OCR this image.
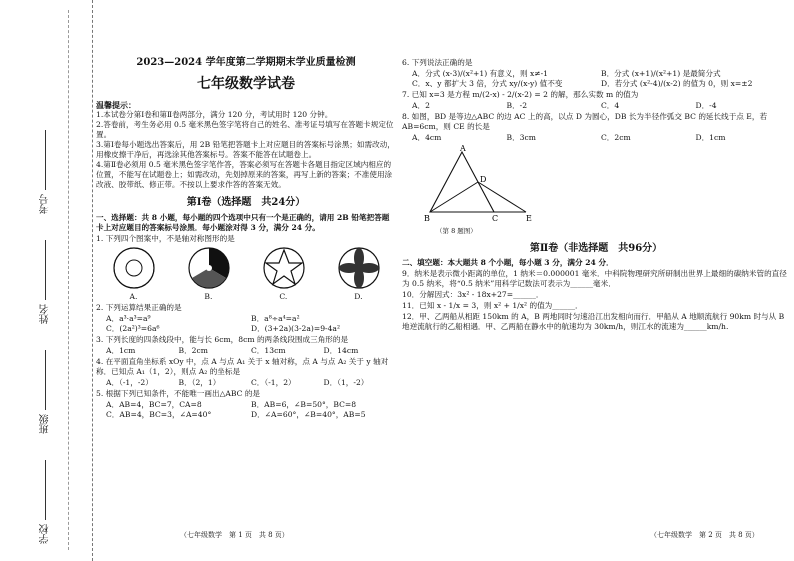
考号
姓名
班级
学校
2023—2024 学年度第二学期期末学业质量检测
七年级数学试卷
温馨提示：

1.本试卷分第Ⅰ卷和第Ⅱ卷两部分，满分 120 分，考试用时 120 分钟。

2.答卷前，考生务必用 0.5 毫米黑色签字笔将自己的姓名、准考证号填写在答题卡规定位置。

3.第Ⅰ卷每小题选出答案后，用 2B 铅笔把答题卡上对应题目的答案标号涂黑；如需改动，用橡皮擦干净后，再选涂其他答案标号。答案不能答在试题卷上。

4.第Ⅱ卷必须用 0.5 毫米黑色签字笔作答，答案必须写在答题卡各题目指定区域内相应的位置，不能写在试题卷上；如需改动，先划掉原来的答案，再写上新的答案；不准使用涂改液、胶带纸、修正带。不按以上要求作答的答案无效。

第Ⅰ卷（选择题　共24分）
一、选择题：共 8 小题，每小题的四个选项中只有一个是正确的，请用 2B 铅笔把答题卡上对应题目的答案标号涂黑．每小题涂对得 3 分，满分 24 分。
1. 下列四个图案中，不是轴对称图形的是
A.	B.	C.	D.
2. 下列运算结果正确的是
A．a³·a³=a⁹	B．a⁸÷a⁴=a²
C．(2a²)³=6a⁶	D．(3+2a)(3-2a)=9-4a²
3. 下列长度的四条线段中，能与长 6cm，8cm 的两条线段围成三角形的是
A．1cm	B．2cm	C．13cm	D．14cm
4. 在平面直角坐标系 xOy 中，点 A 与点 A₁ 关于 x 轴对称，点 A 与点 A₂ 关于 y 轴对称．已知点 A₁（1，2），则点 A₂ 的坐标是
A．（-1，-2）	B．（2，1）	C．（-1，2）	D．（1，-2）
5. 根据下列已知条件，不能唯一画出△ABC 的是
A．AB=4，BC=7，CA=8	B．AB=6，∠B=50°，BC=8
C．AB=4，BC=3，∠A=40°	D．∠A=60°，∠B=40°，AB=5
6. 下列说法正确的是
A．分式 (x-3)/(x²+1) 有意义，则 x≠-1	B．分式 (x+1)/(x²+1) 是最简分式
C．x、y 都扩大 3 倍，分式 xy/(x-y) 值不变	D．若分式 (x²-4)/(x-2) 的值为 0，则 x=±2
7. 已知 x=3 是方程 m/(2-x) - 2/(x-2) = 2 的解，那么实数 m 的值为
A．2	B．-2	C．4	D．-4
8. 如图，BD 是等边△ABC 的边 AC 上的高，以点 D 为圆心，DB 长为半径作弧交 BC 的延长线于点 E，若 AB=6cm，则 CE 的长是
A．4cm	B．3cm	C．2cm	D．1cm
A
D
B	C	E
（第 8 题图）
第Ⅱ卷（非选择题　共96分）
二、填空题：本大题共 8 个小题，每小题 3 分，满分 24 分．
9．纳米是表示微小距离的单位，1 纳米＝0.000001 毫米．中科院物理研究所研制出世界上最细的碳纳米管的直径为 0.5 纳米，将“0.5 纳米”用科学记数法可表示为______毫米．
10．分解因式：3x² - 18x+27=______．
11．已知 x - 1/x = 3，则 x² + 1/x² 的值为______．
12．甲、乙两船从相距 150km 的 A，B 两地同时匀速沿江出发相向而行．甲船从 A 地顺流航行 90km 时与从 B 地逆流航行的乙船相遇．甲、乙两船在静水中的航速均为 30km/h，则江水的流速为______km/h.
（七年级数学　第 1 页　共 8 页）	（七年级数学　第 2 页　共 8 页）
